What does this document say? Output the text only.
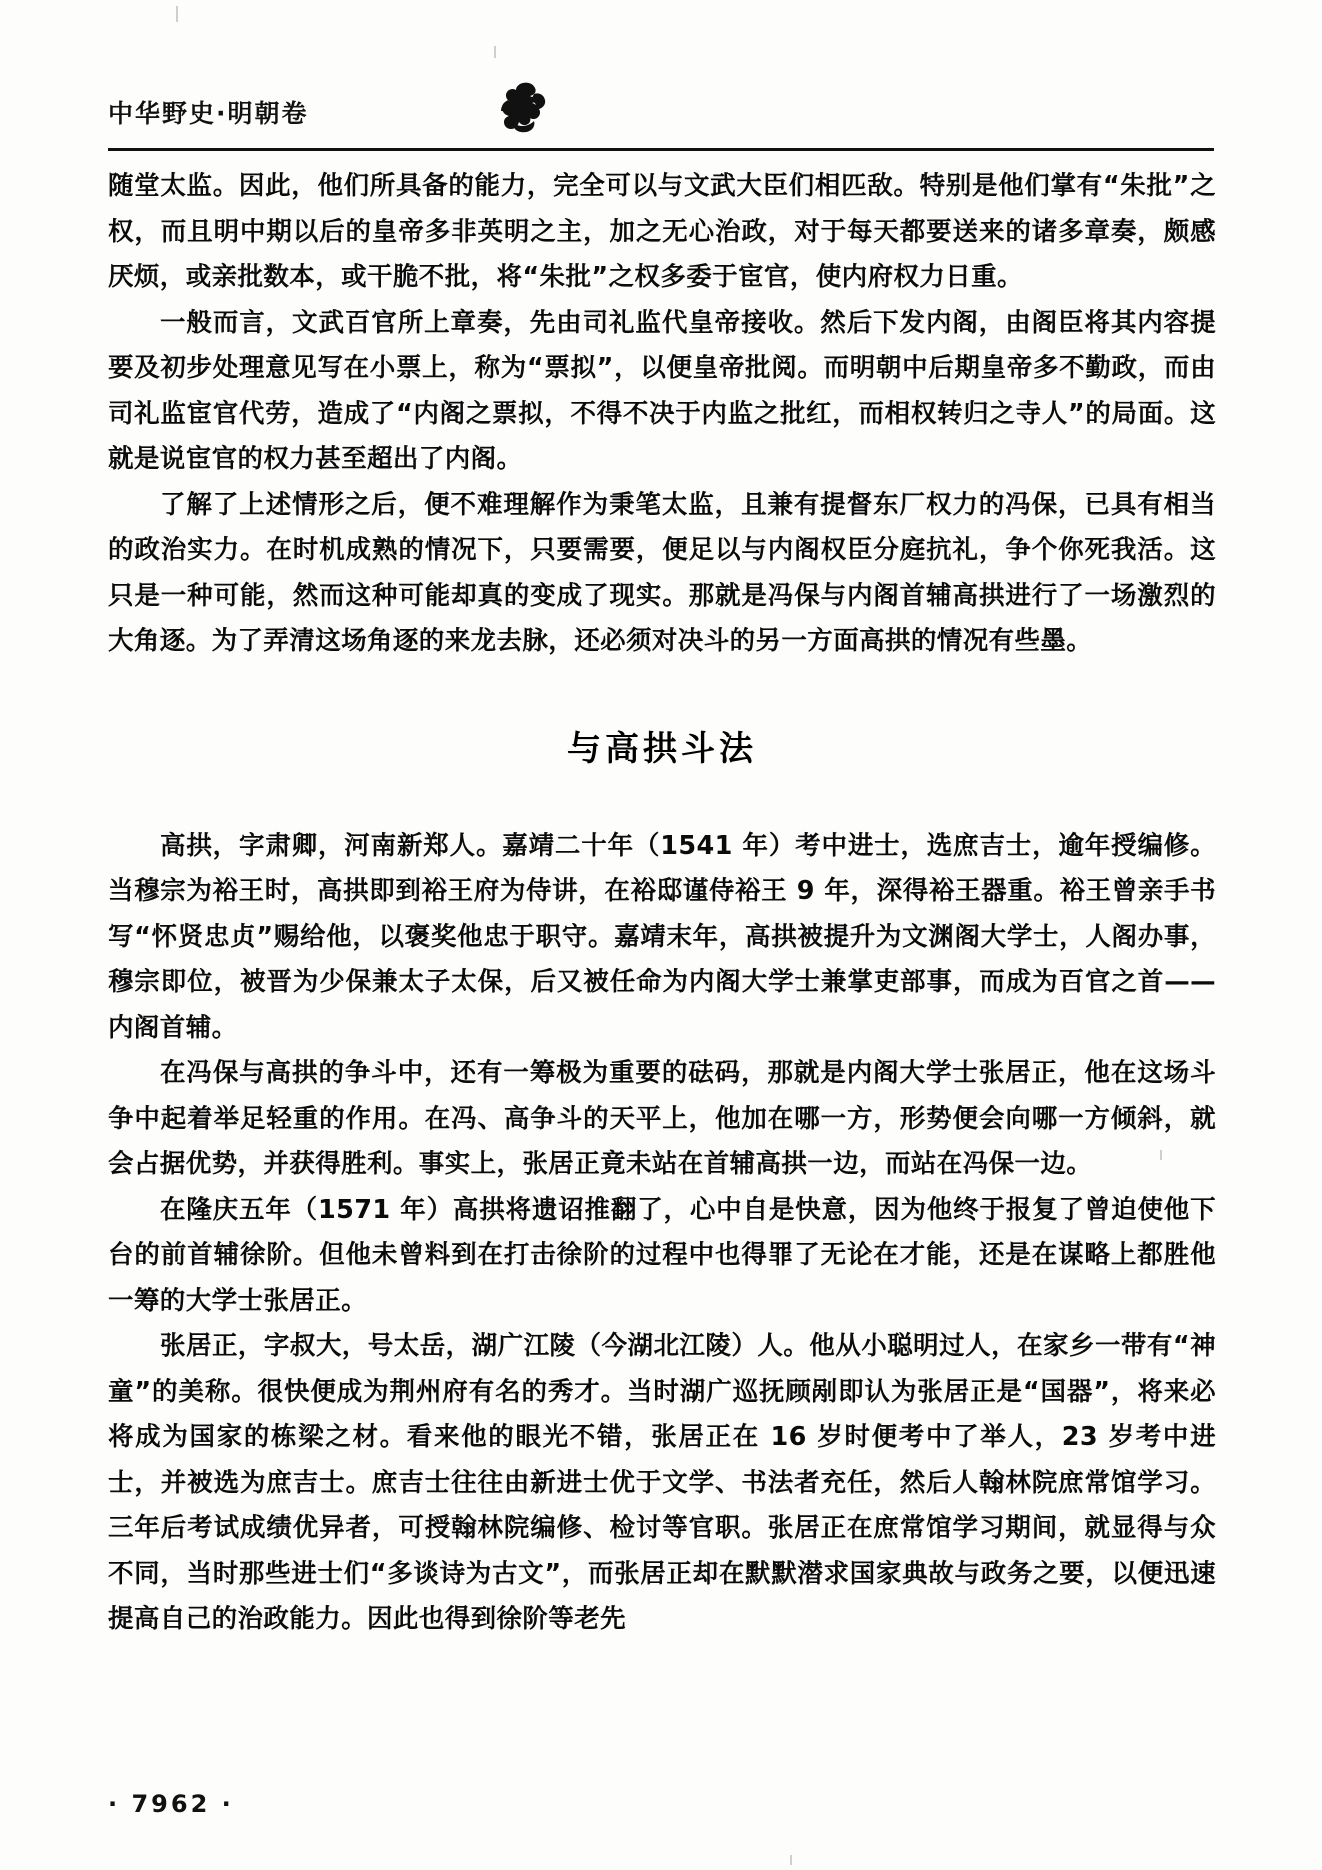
中华野史·明朝卷

随堂太监。因此，他们所具备的能力，完全可以与文武大臣们相匹敌。特别是他们掌有“朱批”之权，而且明中期以后的皇帝多非英明之主，加之无心治政，对于每天都要送来的诸多章奏，颇感厌烦，或亲批数本，或干脆不批，将“朱批”之权多委于宦官，使内府权力日重。

一般而言，文武百官所上章奏，先由司礼监代皇帝接收。然后下发内阁，由阁臣将其内容提要及初步处理意见写在小票上，称为“票拟”，以便皇帝批阅。而明朝中后期皇帝多不勤政，而由司礼监宦官代劳，造成了“内阁之票拟，不得不决于内监之批红，而相权转归之寺人”的局面。这就是说宦官的权力甚至超出了内阁。

了解了上述情形之后，便不难理解作为秉笔太监，且兼有提督东厂权力的冯保，已具有相当的政治实力。在时机成熟的情况下，只要需要，便足以与内阁权臣分庭抗礼，争个你死我活。这只是一种可能，然而这种可能却真的变成了现实。那就是冯保与内阁首辅高拱进行了一场激烈的大角逐。为了弄清这场角逐的来龙去脉，还必须对决斗的另一方面高拱的情况有些墨。

与高拱斗法

高拱，字肃卿，河南新郑人。嘉靖二十年（1541 年）考中进士，选庶吉士，逾年授编修。当穆宗为裕王时，高拱即到裕王府为侍讲，在裕邸谨侍裕王 9 年，深得裕王器重。裕王曾亲手书写“怀贤忠贞”赐给他，以褒奖他忠于职守。嘉靖末年，高拱被提升为文渊阁大学士，人阁办事，穆宗即位，被晋为少保兼太子太保，后又被任命为内阁大学士兼掌吏部事，而成为百官之首——内阁首辅。

在冯保与高拱的争斗中，还有一筹极为重要的砝码，那就是内阁大学士张居正，他在这场斗争中起着举足轻重的作用。在冯、高争斗的天平上，他加在哪一方，形势便会向哪一方倾斜，就会占据优势，并获得胜利。事实上，张居正竟未站在首辅高拱一边，而站在冯保一边。

在隆庆五年（1571 年）高拱将遗诏推翻了，心中自是快意，因为他终于报复了曾迫使他下台的前首辅徐阶。但他未曾料到在打击徐阶的过程中也得罪了无论在才能，还是在谋略上都胜他一筹的大学士张居正。

张居正，字叔大，号太岳，湖广江陵（今湖北江陵）人。他从小聪明过人，在家乡一带有“神童”的美称。很快便成为荆州府有名的秀才。当时湖广巡抚顾剐即认为张居正是“国器”，将来必将成为国家的栋梁之材。看来他的眼光不错，张居正在 16 岁时便考中了举人，23 岁考中进士，并被选为庶吉士。庶吉士往往由新进士优于文学、书法者充任，然后人翰林院庶常馆学习。三年后考试成绩优异者，可授翰林院编修、检讨等官职。张居正在庶常馆学习期间，就显得与众不同，当时那些进士们“多谈诗为古文”，而张居正却在默默潜求国家典故与政务之要，以便迅速提高自己的治政能力。因此也得到徐阶等老先

· 7962 ·
